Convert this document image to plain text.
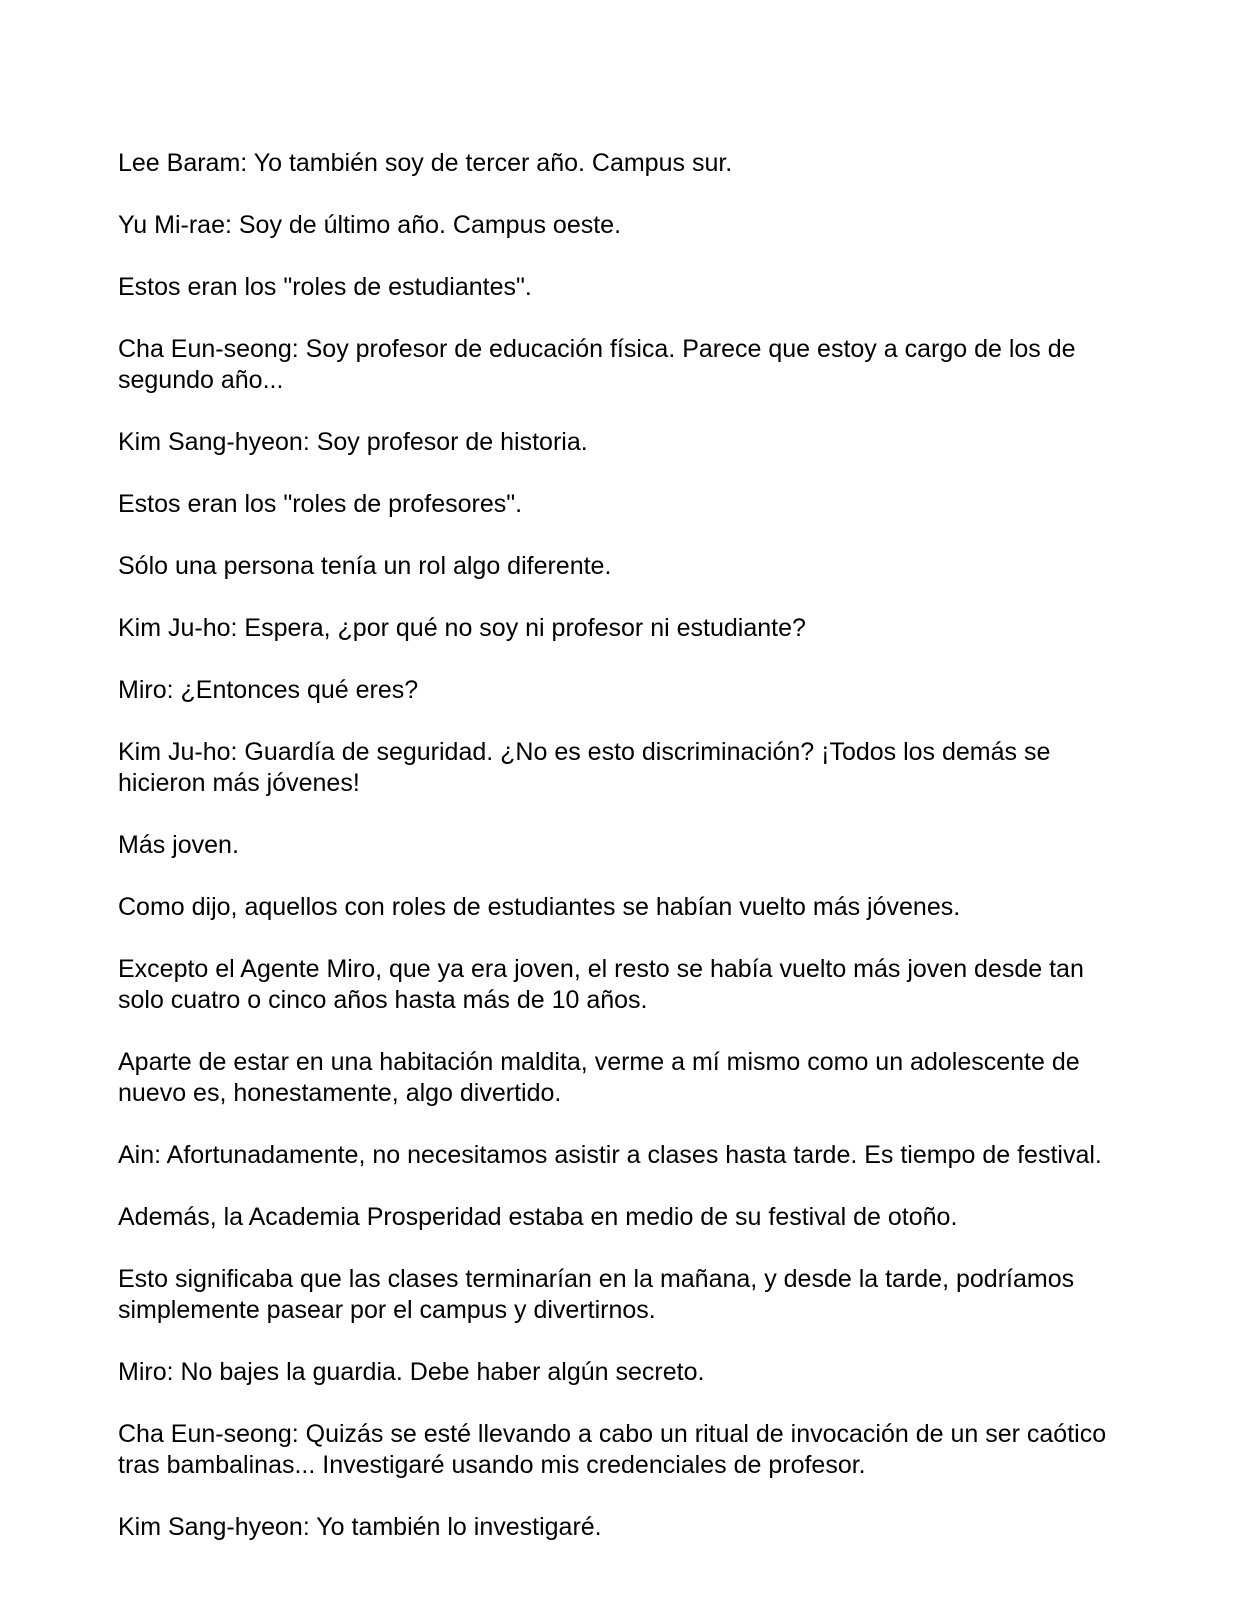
Lee Baram: Yo también soy de tercer año. Campus sur.

Yu Mi-rae: Soy de último año. Campus oeste.

Estos eran los "roles de estudiantes".

Cha Eun-seong: Soy profesor de educación física. Parece que estoy a cargo de los de segundo año...

Kim Sang-hyeon: Soy profesor de historia.

Estos eran los "roles de profesores".

Sólo una persona tenía un rol algo diferente.

Kim Ju-ho: Espera, ¿por qué no soy ni profesor ni estudiante?

Miro: ¿Entonces qué eres?

Kim Ju-ho: Guardía de seguridad. ¿No es esto discriminación? ¡Todos los demás se hicieron más jóvenes!

Más joven.

Como dijo, aquellos con roles de estudiantes se habían vuelto más jóvenes.

Excepto el Agente Miro, que ya era joven, el resto se había vuelto más joven desde tan solo cuatro o cinco años hasta más de 10 años.

Aparte de estar en una habitación maldita, verme a mí mismo como un adolescente de nuevo es, honestamente, algo divertido.

Ain: Afortunadamente, no necesitamos asistir a clases hasta tarde. Es tiempo de festival.

Además, la Academia Prosperidad estaba en medio de su festival de otoño.

Esto significaba que las clases terminarían en la mañana, y desde la tarde, podríamos simplemente pasear por el campus y divertirnos.

Miro: No bajes la guardia. Debe haber algún secreto.

Cha Eun-seong: Quizás se esté llevando a cabo un ritual de invocación de un ser caótico tras bambalinas... Investigaré usando mis credenciales de profesor.

Kim Sang-hyeon: Yo también lo investigaré.
